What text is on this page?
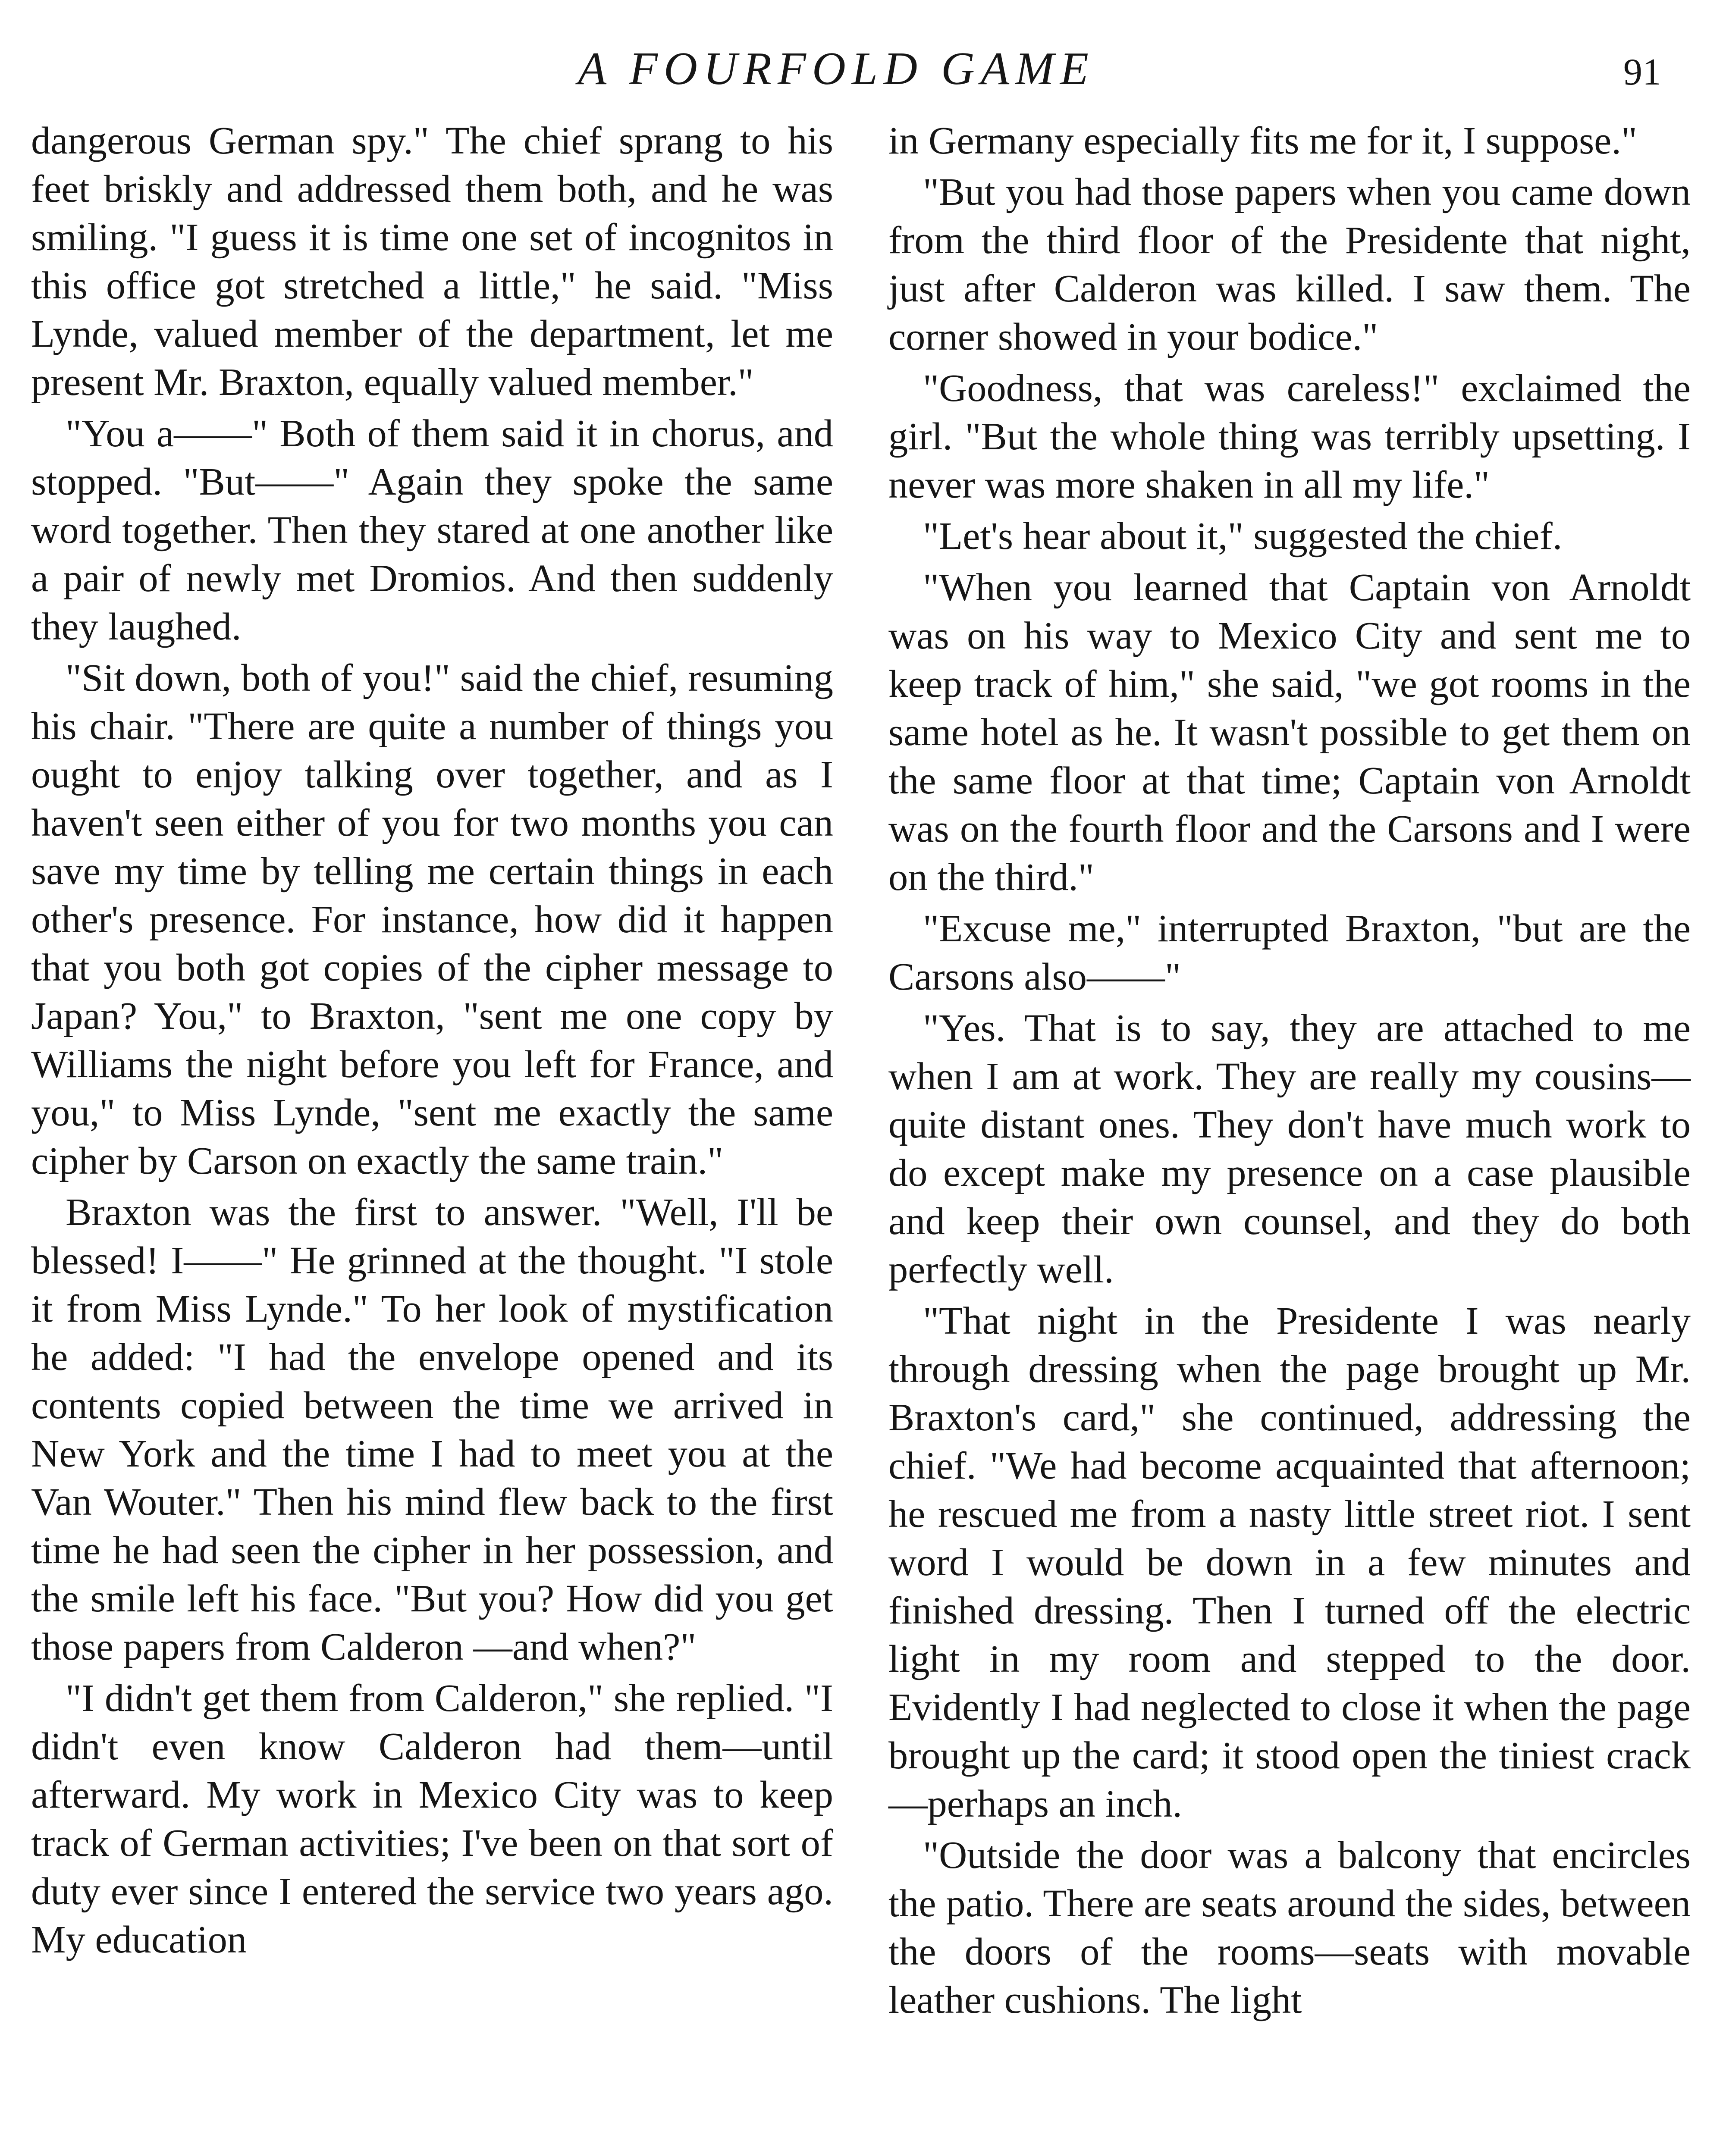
A FOURFOLD GAME	91

dangerous German spy." The chief sprang to his feet briskly and addressed them both, and he was smiling. "I guess it is time one set of incognitos in this office got stretched a little," he said. "Miss Lynde, valued member of the department, let me present Mr. Braxton, equally valued member."

"You a——" Both of them said it in chorus, and stopped. "But——" Again they spoke the same word together. Then they stared at one another like a pair of newly met Dromios. And then suddenly they laughed.

"Sit down, both of you!" said the chief, resuming his chair. "There are quite a number of things you ought to enjoy talking over together, and as I haven't seen either of you for two months you can save my time by telling me certain things in each other's presence. For instance, how did it happen that you both got copies of the cipher message to Japan? You," to Braxton, "sent me one copy by Williams the night before you left for France, and you," to Miss Lynde, "sent me exactly the same cipher by Carson on exactly the same train."

Braxton was the first to answer. "Well, I'll be blessed! I——" He grinned at the thought. "I stole it from Miss Lynde." To her look of mystification he added: "I had the envelope opened and its contents copied between the time we arrived in New York and the time I had to meet you at the Van Wouter." Then his mind flew back to the first time he had seen the cipher in her possession, and the smile left his face. "But you? How did you get those papers from Calderon —and when?"

"I didn't get them from Calderon," she replied. "I didn't even know Calderon had them—until afterward. My work in Mexico City was to keep track of German activities; I've been on that sort of duty ever since I entered the service two years ago. My education

in Germany especially fits me for it, I suppose."

"But you had those papers when you came down from the third floor of the Presidente that night, just after Calderon was killed. I saw them. The corner showed in your bodice."

"Goodness, that was careless!" exclaimed the girl. "But the whole thing was terribly upsetting. I never was more shaken in all my life."

"Let's hear about it," suggested the chief.

"When you learned that Captain von Arnoldt was on his way to Mexico City and sent me to keep track of him," she said, "we got rooms in the same hotel as he. It wasn't possible to get them on the same floor at that time; Captain von Arnoldt was on the fourth floor and the Carsons and I were on the third."

"Excuse me," interrupted Braxton, "but are the Carsons also——"

"Yes. That is to say, they are attached to me when I am at work. They are really my cousins—quite distant ones. They don't have much work to do except make my presence on a case plausible and keep their own counsel, and they do both perfectly well.

"That night in the Presidente I was nearly through dressing when the page brought up Mr. Braxton's card," she continued, addressing the chief. "We had become acquainted that afternoon; he rescued me from a nasty little street riot. I sent word I would be down in a few minutes and finished dressing. Then I turned off the electric light in my room and stepped to the door. Evidently I had neglected to close it when the page brought up the card; it stood open the tiniest crack—perhaps an inch.

"Outside the door was a balcony that encircles the patio. There are seats around the sides, between the doors of the rooms—seats with movable leather cushions. The light
